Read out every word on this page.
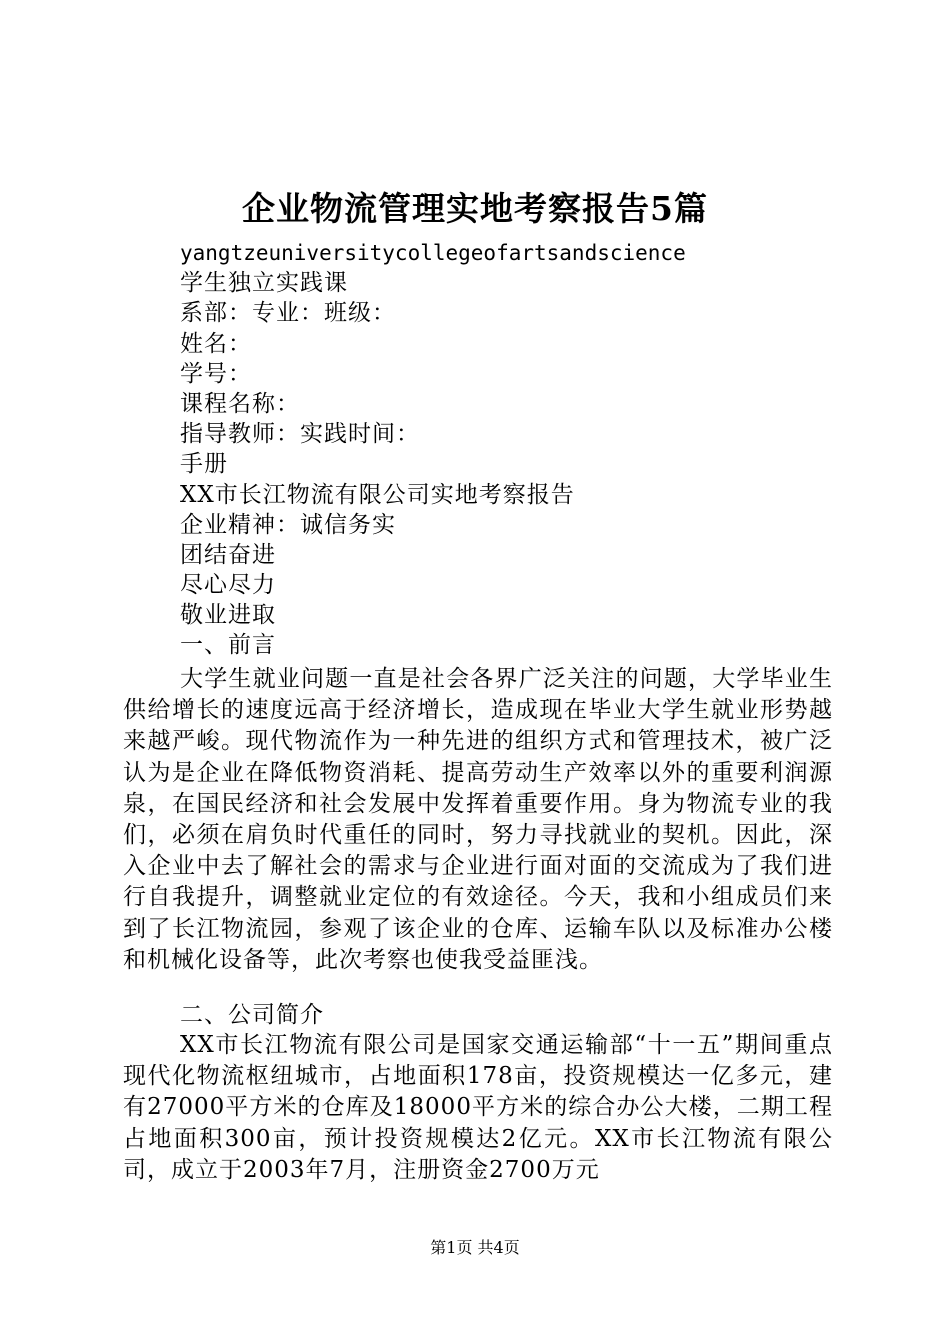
企业物流管理实地考察报告5篇
yangtzeuniversitycollegeofartsandscience
学生独立实践课
系部：专业：班级：
姓名：
学号：
课程名称：
指导教师：实践时间：
手册
XX市长江物流有限公司实地考察报告
企业精神：诚信务实
团结奋进
尽心尽力
敬业进取
一、前言
大学生就业问题一直是社会各界广泛关注的问题，大学毕业生供给增长的速度远高于经济增长，造成现在毕业大学生就业形势越来越严峻。现代物流作为一种先进的组织方式和管理技术，被广泛认为是企业在降低物资消耗、提高劳动生产效率以外的重要利润源泉，在国民经济和社会发展中发挥着重要作用。身为物流专业的我们，必须在肩负时代重任的同时，努力寻找就业的契机。因此，深入企业中去了解社会的需求与企业进行面对面的交流成为了我们进行自我提升，调整就业定位的有效途径。今天，我和小组成员们来到了长江物流园，参观了该企业的仓库、运输车队以及标准办公楼和机械化设备等，此次考察也使我受益匪浅。
二、公司简介
XX市长江物流有限公司是国家交通运输部“十一五”期间重点现代化物流枢纽城市，占地面积178亩，投资规模达一亿多元，建有27000平方米的仓库及18000平方米的综合办公大楼，二期工程占地面积300亩，预计投资规模达2亿元。XX市长江物流有限公司，成立于2003年7月，注册资金2700万元
第1页 共4页
